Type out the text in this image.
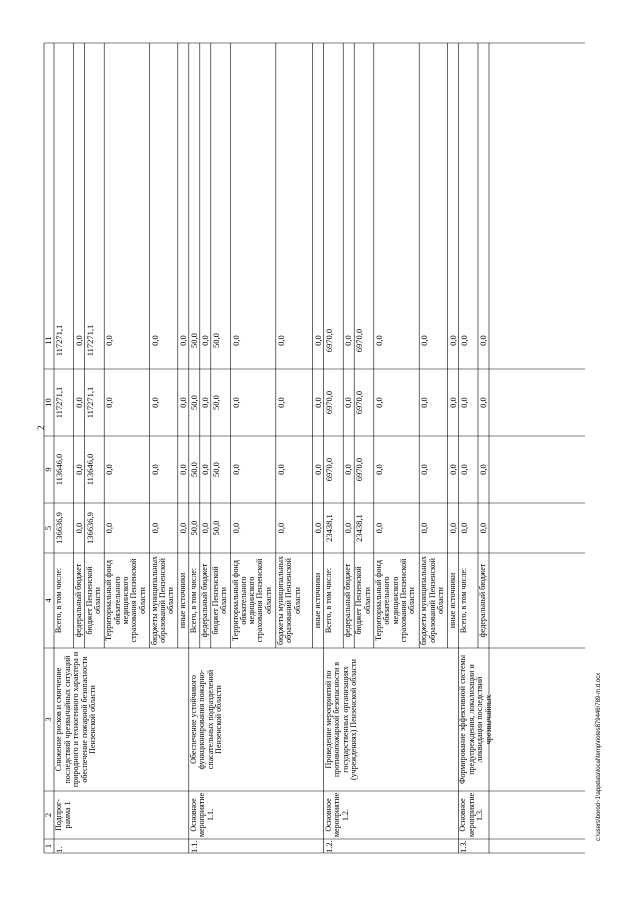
2
c:\users\borod~1\appdata\local\temp\notes879446\789-m.d.ocx
1
2
3
4
5
9
10
11
Всего, в том числе:
136636,9
113646,0
117271,1
117271,1
федеральный бюджет
0,0
0,0
0,0
0,0
бюджет Пензенской области
136636,9
113646,0
117271,1
117271,1
Территориальный фонд обязательного медицинского страхования Пензенской области
0,0
0,0
0,0
0,0
бюджеты муниципальных образований Пензенской области
0,0
0,0
0,0
0,0
иные источники
0,0
0,0
0,0
0,0
1.
Подпрог-рамма 1
Снижение рисков и смягчение последствий чрезвычайных ситуаций природного и техногенного характера и обеспечение пожарной безопасности Пензенской области
Всего, в том числе:
50,0
50,0
50,0
50,0
федеральный бюджет
0,0
0,0
0,0
0,0
бюджет Пензенской области
50,0
50,0
50,0
50,0
Территориальный фонд обязательного медицинского страхования Пензенской области
0,0
0,0
0,0
0,0
бюджеты муниципальных образований Пензенской области
0,0
0,0
0,0
0,0
иные источники
0,0
0,0
0,0
0,0
1.1.
Основное мероприятие 1.1.
Обеспечение устойчивого функционирования пожарно-спасательных подразделений Пензенской области
Всего, в том числе:
23438,1
6970,0
6970,0
6970,0
федеральный бюджет
0,0
0,0
0,0
0,0
бюджет Пензенской области
23438,1
6970,0
6970,0
6970,0
Территориальный фонд обязательного медицинского страхования Пензенской области
0,0
0,0
0,0
0,0
бюджеты муниципальных образований Пензенской области
0,0
0,0
0,0
0,0
иные источники
0,0
0,0
0,0
0,0
1.2.
Основное мероприятие 1.2.
Проведение мероприятий по противопожарной безопасности в государственных организациях (учреждениях) Пензенской области
Всего, в том числе:
0,0
0,0
0,0
0,0
федеральный бюджет
0,0
0,0
0,0
0,0
1.3.
Основное мероприятие 1.3.
Формирование эффективной системы предупреждения, локализации и ликвидации последствий чрезвычайных
